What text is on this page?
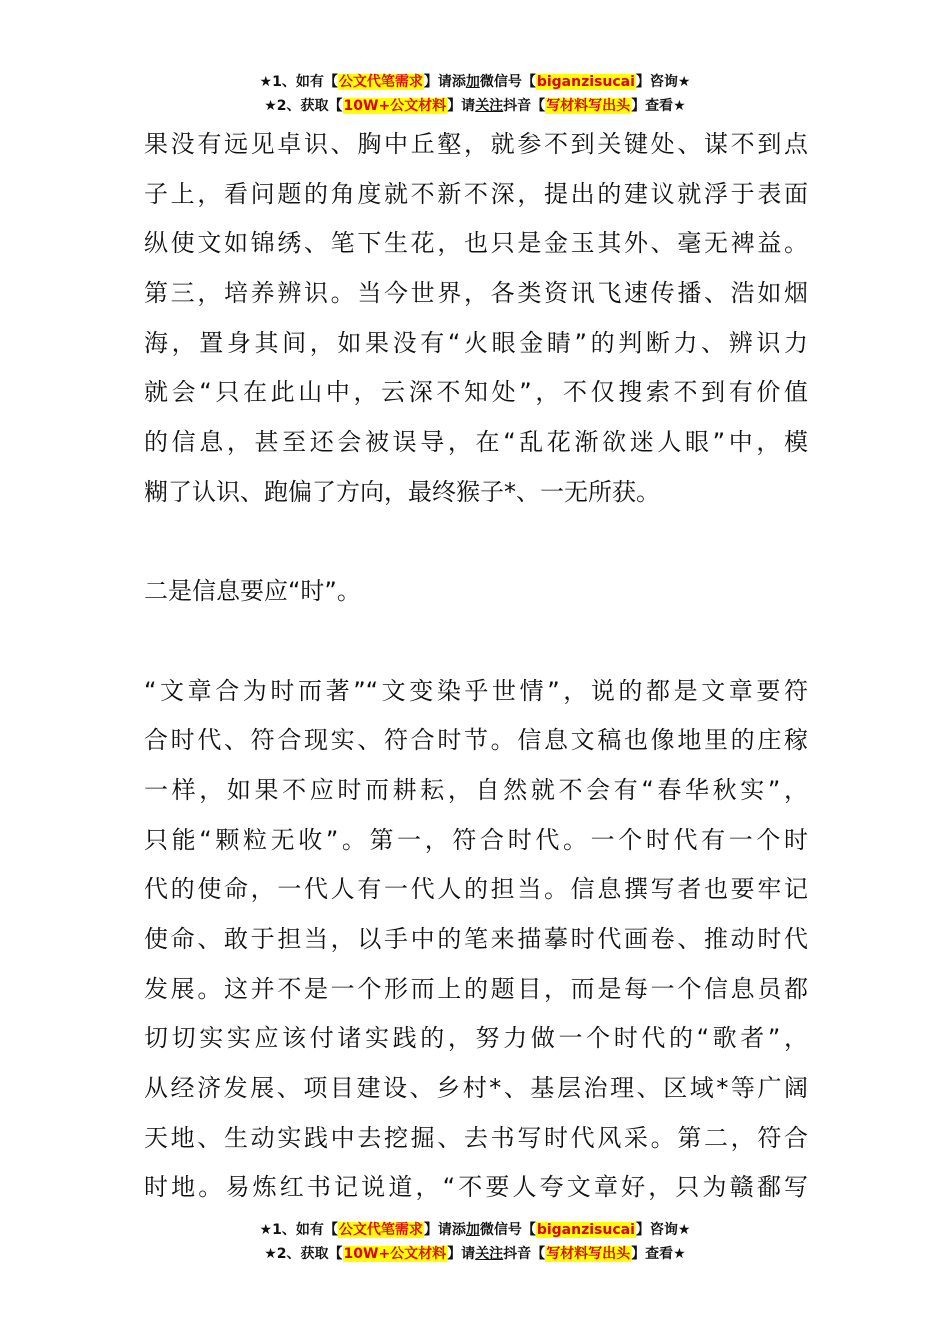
★1、如有【公文代笔需求】请添加微信号【biganzisucai】咨询★
★2、获取【10W+公文材料】请关注抖音【写材料写出头】查看★
果没有远见卓识、胸中丘壑，就参不到关键处、谋不到点
子上，看问题的角度就不新不深，提出的建议就浮于表面
纵使文如锦绣、笔下生花，也只是金玉其外、毫无裨益。
第三，培养辨识。当今世界，各类资讯飞速传播、浩如烟
海，置身其间，如果没有“火眼金睛”的判断力、辨识力
就会“只在此山中，云深不知处”，不仅搜索不到有价值
的信息，甚至还会被误导，在“乱花渐欲迷人眼”中，模
糊了认识、跑偏了方向，最终猴子*、一无所获。
二是信息要应“时”。
“文章合为时而著”“文变染乎世情”，说的都是文章要符
合时代、符合现实、符合时节。信息文稿也像地里的庄稼
一样，如果不应时而耕耘，自然就不会有“春华秋实”，
只能“颗粒无收”。第一，符合时代。一个时代有一个时
代的使命，一代人有一代人的担当。信息撰写者也要牢记
使命、敢于担当，以手中的笔来描摹时代画卷、推动时代
发展。这并不是一个形而上的题目，而是每一个信息员都
切切实实应该付诸实践的，努力做一个时代的“歌者”，
从经济发展、项目建设、乡村*、基层治理、区域*等广阔
天地、生动实践中去挖掘、去书写时代风采。第二，符合
时地。易炼红书记说道，“不要人夸文章好，只为赣鄱写
★1、如有【公文代笔需求】请添加微信号【biganzisucai】咨询★
★2、获取【10W+公文材料】请关注抖音【写材料写出头】查看★
